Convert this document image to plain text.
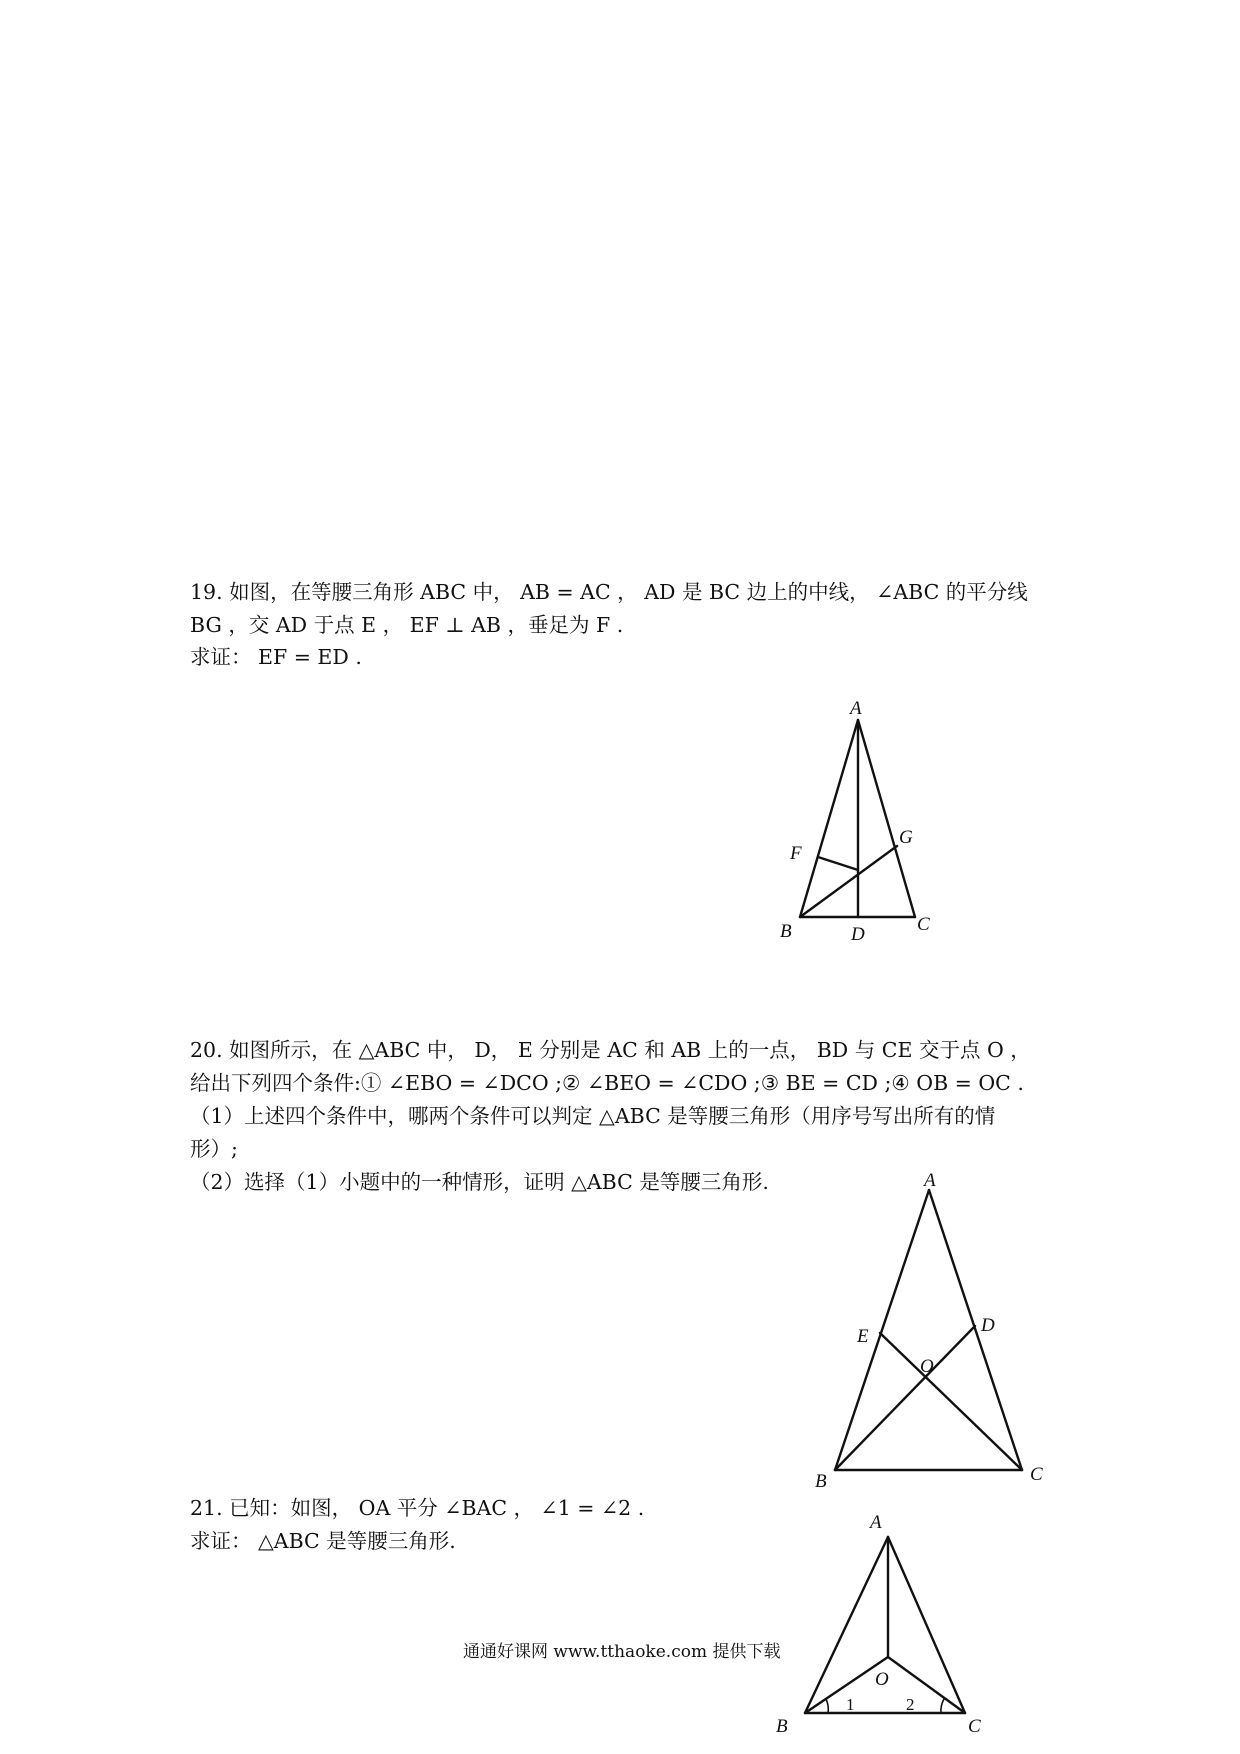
19. 如图，在等腰三角形 ABC 中， AB = AC ， AD 是 BC 边上的中线， ∠ABC 的平分线
BG ，交 AD 于点 E ， EF ⊥ AB ，垂足为 F .
求证： EF = ED .
A
B	C
D
F
G
20. 如图所示，在 △ABC 中， D， E 分别是 AC 和 AB 上的一点， BD 与 CE 交于点 O ，
给出下列四个条件:① ∠EBO = ∠DCO ;② ∠BEO = ∠CDO ;③ BE = CD ;④ OB = OC .
（1）上述四个条件中，哪两个条件可以判定 △ABC 是等腰三角形（用序号写出所有的情
形）;
（2）选择（1）小题中的一种情形，证明 △ABC 是等腰三角形.	A
B	C
D
E
O
21. 已知：如图， OA 平分 ∠BAC ， ∠1 = ∠2 .
求证： △ABC 是等腰三角形.
A
B	C
O
1	2
通通好课网 www.tthaoke.com 提供下载
